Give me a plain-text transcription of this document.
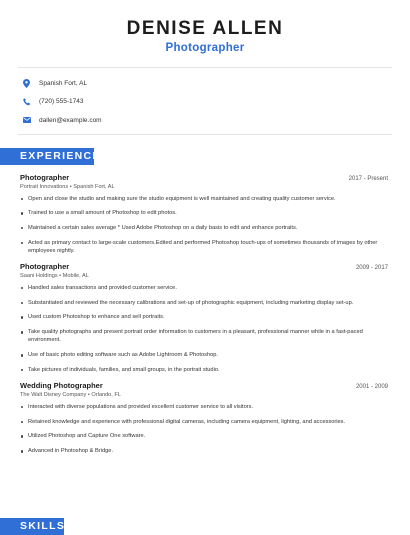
DENISE ALLEN
Photographer
Spanish Fort, AL
(720) 555-1743
dallen@example.com
EXPERIENCE
Photographer	2017 - Present
Portrait Innovations • Spanish Fort, AL
Open and close the studio and making sure the studio equipment is well maintained and creating quality customer service.
Trained to use a small amount of Photoshop to edit photos.
Maintained a certain sales average * Used Adobe Photoshop on a daily basis to edit and enhance portraits.
Acted as primary contact to large-scale customers.Edited and performed Photoshop touch-ups of sometimes thousands of images by other employees nightly.
Photographer	2009 - 2017
Saani Holdings • Mobile, AL
Handled sales transactions and provided customer service.
Substantiated and reviewed the necessary calibrations and set-up of photographic equipment, including marketing display set-up.
Used custom Photoshop to enhance and sell portraits.
Take quality photographs and present portrait order information to customers in a pleasant, professional manner while in a fast-paced environment.
Use of basic photo editing software such as Adobe Lightroom & Photoshop.
Take pictures of individuals, families, and small groups, in the portrait studio.
Wedding Photographer	2001 - 2009
The Walt Disney Company • Orlando, FL
Interacted with diverse populations and provided excellent customer service to all visitors.
Retained knowledge and experience with professional digital cameras, including camera equipment, lighting, and accessories.
Utilized Photoshop and Capture One software.
Advanced in Photoshop & Bridge.
SKILLS
